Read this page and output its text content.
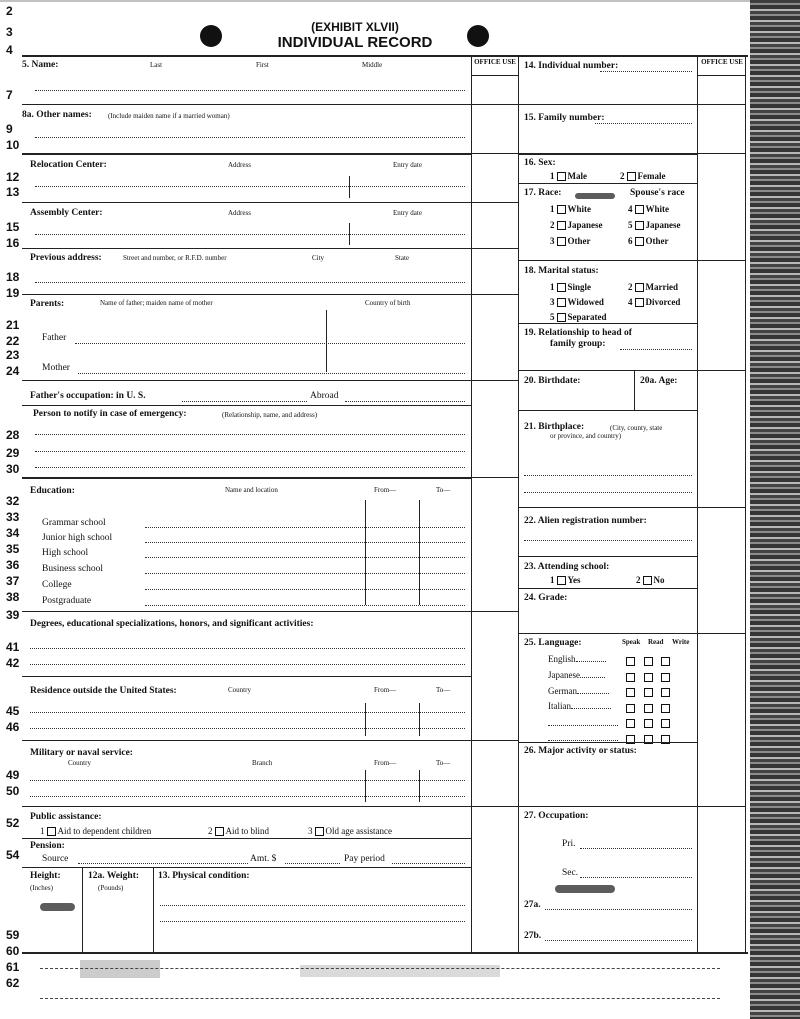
(EXHIBIT XLVII)
INDIVIDUAL RECORD
OFFICE USE	OFFICE USE
2
3
4
7
9
10
12
13
15
16
18
19
21
22
23
24
28
29
30
32
33
34
35
36
37
38
39
41
42
45
46
49
50
52
54
59
60
61
62
5. Name:	Last	First	Middle
8a. Other names: (Include maiden name if a married woman)
Relocation Center:	Address	Entry date
Assembly Center:	Address	Entry date
Previous address:	Street and number, or R.F.D. number	City	State
Parents:	Name of father; maiden name of mother	Country of birth
Father
Mother
Father's occupation: in U. S.	Abroad
Person to notify in case of emergency:	(Relationship, name, and address)
Education:	Name and location	From—	To—
Grammar school
Junior high school
High school
Business school
College
Postgraduate
Degrees, educational specializations, honors, and significant activities:
Residence outside the United States:	Country	From—	To—
Military or naval service:
Country	Branch	From—	To—
Public assistance:
1 Aid to dependent children	2 Aid to blind	3 Old age assistance
Pension:
Source	Amt. $	Pay period
Height:
(Inches)
12a. Weight:
(Pounds)
13. Physical condition:
14. Individual number:
15. Family number:
16. Sex:
1 Male	2 Female
17. Race:	Spouse's race
1 White	4 White
2 Japanese	5 Japanese
3 Other	6 Other
18. Marital status:
1 Single	2 Married
3 Widowed	4 Divorced
5 Separated
19. Relationship to head of
family group:
20. Birthdate:	20a. Age:
21. Birthplace:	(City, county, state
or province, and country)
22. Alien registration number:
23. Attending school:
1 Yes	2 No
24. Grade:
25. Language:	Speak Read Write
English
Japanese
German
Italian

26. Major activity or status:
27. Occupation:
Pri.
Sec.
27a.
27b.
